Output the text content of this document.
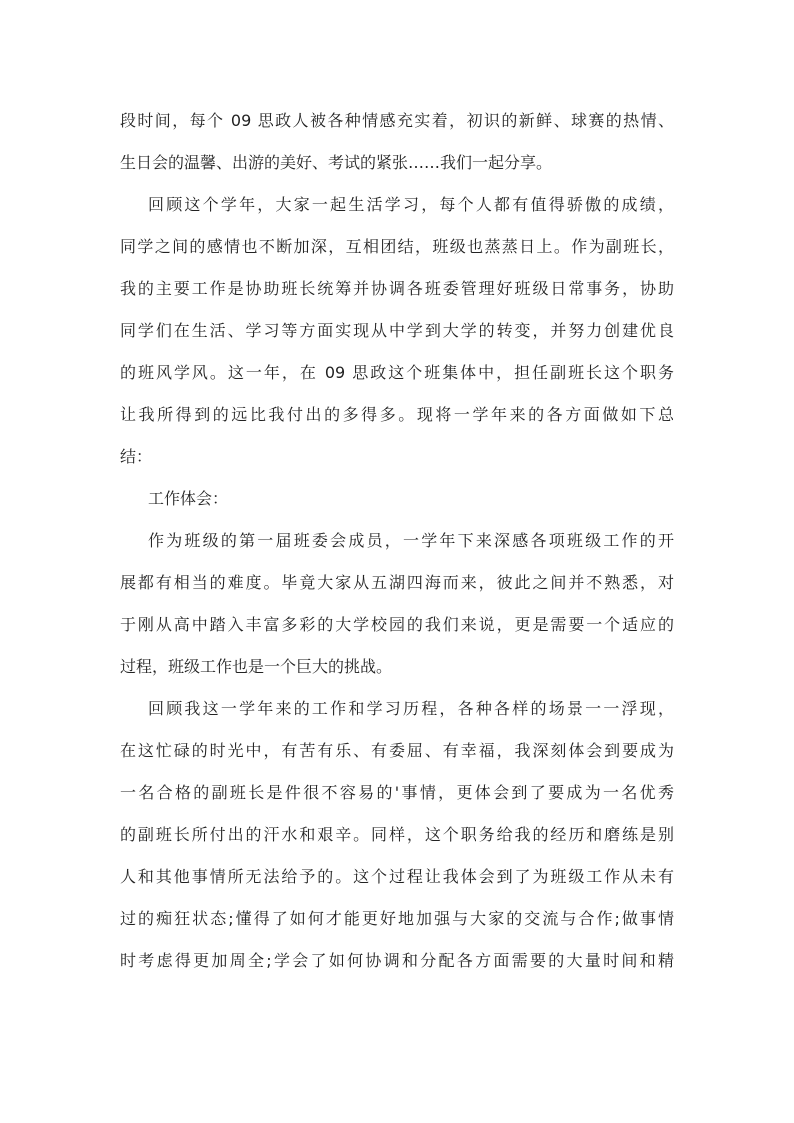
段时间，每个 09 思政人被各种情感充实着，初识的新鲜、球赛的热情、
生日会的温馨、出游的美好、考试的紧张……我们一起分享。
回顾这个学年，大家一起生活学习，每个人都有值得骄傲的成绩，
同学之间的感情也不断加深，互相团结，班级也蒸蒸日上。作为副班长，
我的主要工作是协助班长统筹并协调各班委管理好班级日常事务，协助
同学们在生活、学习等方面实现从中学到大学的转变，并努力创建优良
的班风学风。这一年，在 09 思政这个班集体中，担任副班长这个职务
让我所得到的远比我付出的多得多。现将一学年来的各方面做如下总
结：
工作体会：
作为班级的第一届班委会成员，一学年下来深感各项班级工作的开
展都有相当的难度。毕竟大家从五湖四海而来，彼此之间并不熟悉，对
于刚从高中踏入丰富多彩的大学校园的我们来说，更是需要一个适应的
过程，班级工作也是一个巨大的挑战。
回顾我这一学年来的工作和学习历程，各种各样的场景一一浮现，
在这忙碌的时光中，有苦有乐、有委屈、有幸福，我深刻体会到要成为
一名合格的副班长是件很不容易的'事情，更体会到了要成为一名优秀
的副班长所付出的汗水和艰辛。同样，这个职务给我的经历和磨练是别
人和其他事情所无法给予的。这个过程让我体会到了为班级工作从未有
过的痴狂状态;懂得了如何才能更好地加强与大家的交流与合作;做事情
时考虑得更加周全;学会了如何协调和分配各方面需要的大量时间和精
